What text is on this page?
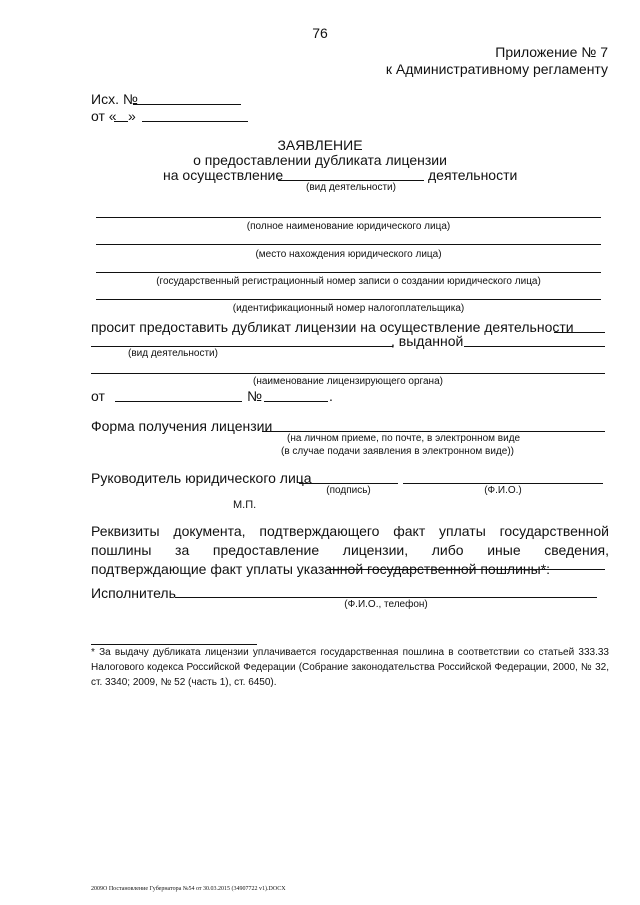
76
Приложение № 7
к Административному регламенту
Исх. №
от « »
ЗАЯВЛЕНИЕ
о предоставлении дубликата лицензии
на осуществление	деятельности
(вид деятельности)
(полное наименование юридического лица)
(место нахождения юридического лица)
(государственный регистрационный номер записи о создании юридического лица)
(идентификационный номер налогоплательщика)
просит предоставить дубликат лицензии на осуществление деятельности
, выданной
(вид деятельности)
(наименование лицензирующего органа)
от	№	.
Форма получения лицензии
(на личном приеме, по почте, в электронном виде
(в случае подачи заявления в электронном виде))
Руководитель юридического лица
(подпись)	(Ф.И.О.)
М.П.
Реквизиты документа, подтверждающего факт уплаты государственной пошлины за предоставление лицензии, либо иные сведения, подтверждающие факт уплаты указанной государственной пошлины*:
Исполнитель
(Ф.И.О., телефон)
* За выдачу дубликата лицензии уплачивается государственная пошлина в соответствии со статьей 333.33 Налогового кодекса Российской Федерации (Собрание законодательства Российской Федерации, 2000, № 32, ст. 3340; 2009, № 52 (часть 1), ст. 6450).
2009О Постановление Губернатора №54 от 30.03.2015 (34907722 v1).DOCX
